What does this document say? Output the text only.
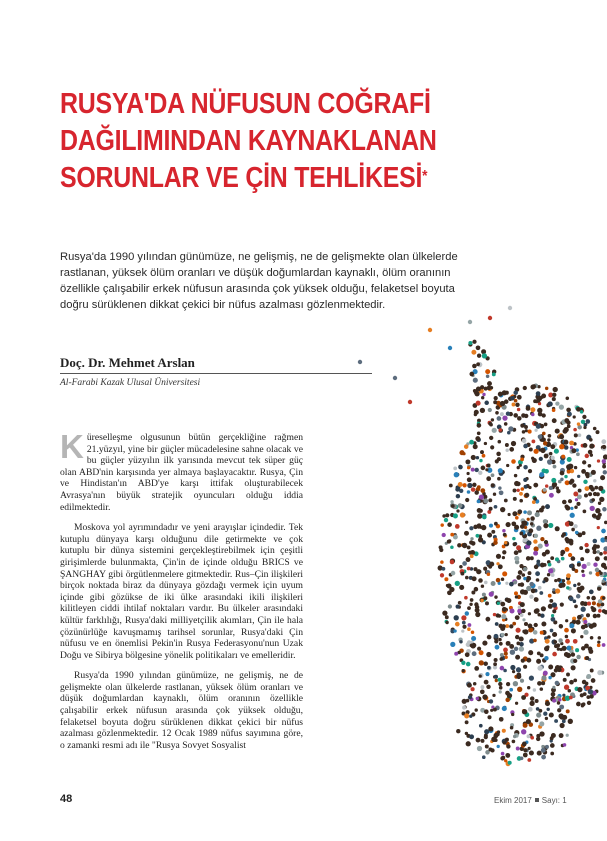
RUSYA'DA NÜFUSUN COĞRAFİ
DAĞILIMINDAN KAYNAKLANAN
SORUNLAR VE ÇİN TEHLİKESİ*

Rusya'da 1990 yılından günümüze, ne gelişmiş, ne de gelişmekte olan ülkelerde rastlanan, yüksek ölüm oranları ve düşük doğumlardan kaynaklı, ölüm oranının özellikle çalışabilir erkek nüfusun arasında çok yüksek olduğu, felaketsel boyuta doğru sürüklenen dikkat çekici bir nüfus azalması gözlenmektedir.

Doç. Dr. Mehmet Arslan
Al-Farabi Kazak Ulusal Üniversitesi

Küreselleşme olgusunun bütün gerçekliğine rağmen 21.yüzyıl, yine bir güçler mücadelesine sahne olacak ve bu güçler yüzyılın ilk yarısında mevcut tek süper güç olan ABD'nin karşısında yer almaya başlayacaktır. Rusya, Çin ve Hindistan'ın ABD'ye karşı ittifak oluşturabilecek Avrasya'nın büyük stratejik oyuncuları olduğu iddia edilmektedir.

Moskova yol ayrımındadır ve yeni arayışlar içindedir. Tek kutuplu dünyaya karşı olduğunu dile getirmekte ve çok kutuplu bir dünya sistemini gerçekleştirebilmek için çeşitli girişimlerde bulunmakta, Çin'in de içinde olduğu BRICS ve ŞANGHAY gibi örgütlenmelere gitmektedir. Rus–Çin ilişkileri birçok noktada biraz da dünyaya gözdağı vermek için uyum içinde gibi gözükse de iki ülke arasındaki ikili ilişkileri kilitleyen ciddi ihtilaf noktaları vardır. Bu ülkeler arasındaki kültür farklılığı, Rusya'daki milliyetçilik akımları, Çin ile hala çözünürlüğe kavuşmamış tarihsel sorunlar, Rusya'daki Çin nüfusu ve en önemlisi Pekin'in Rusya Federasyonu'nun Uzak Doğu ve Sibirya bölgesine yönelik politikaları ve emelleridir.

Rusya'da 1990 yılından günümüze, ne gelişmiş, ne de gelişmekte olan ülkelerde rastlanan, yüksek ölüm oranları ve düşük doğumlardan kaynaklı, ölüm oranının özellikle çalışabilir erkek nüfusun arasında çok yüksek olduğu, felaketsel boyuta doğru sürüklenen dikkat çekici bir nüfus azalması gözlenmektedir. 12 Ocak 1989 nüfus sayımına göre, o zamanki resmi adı ile "Rusya Sovyet Sosyalist

48	Ekim 2017 Sayı: 1
